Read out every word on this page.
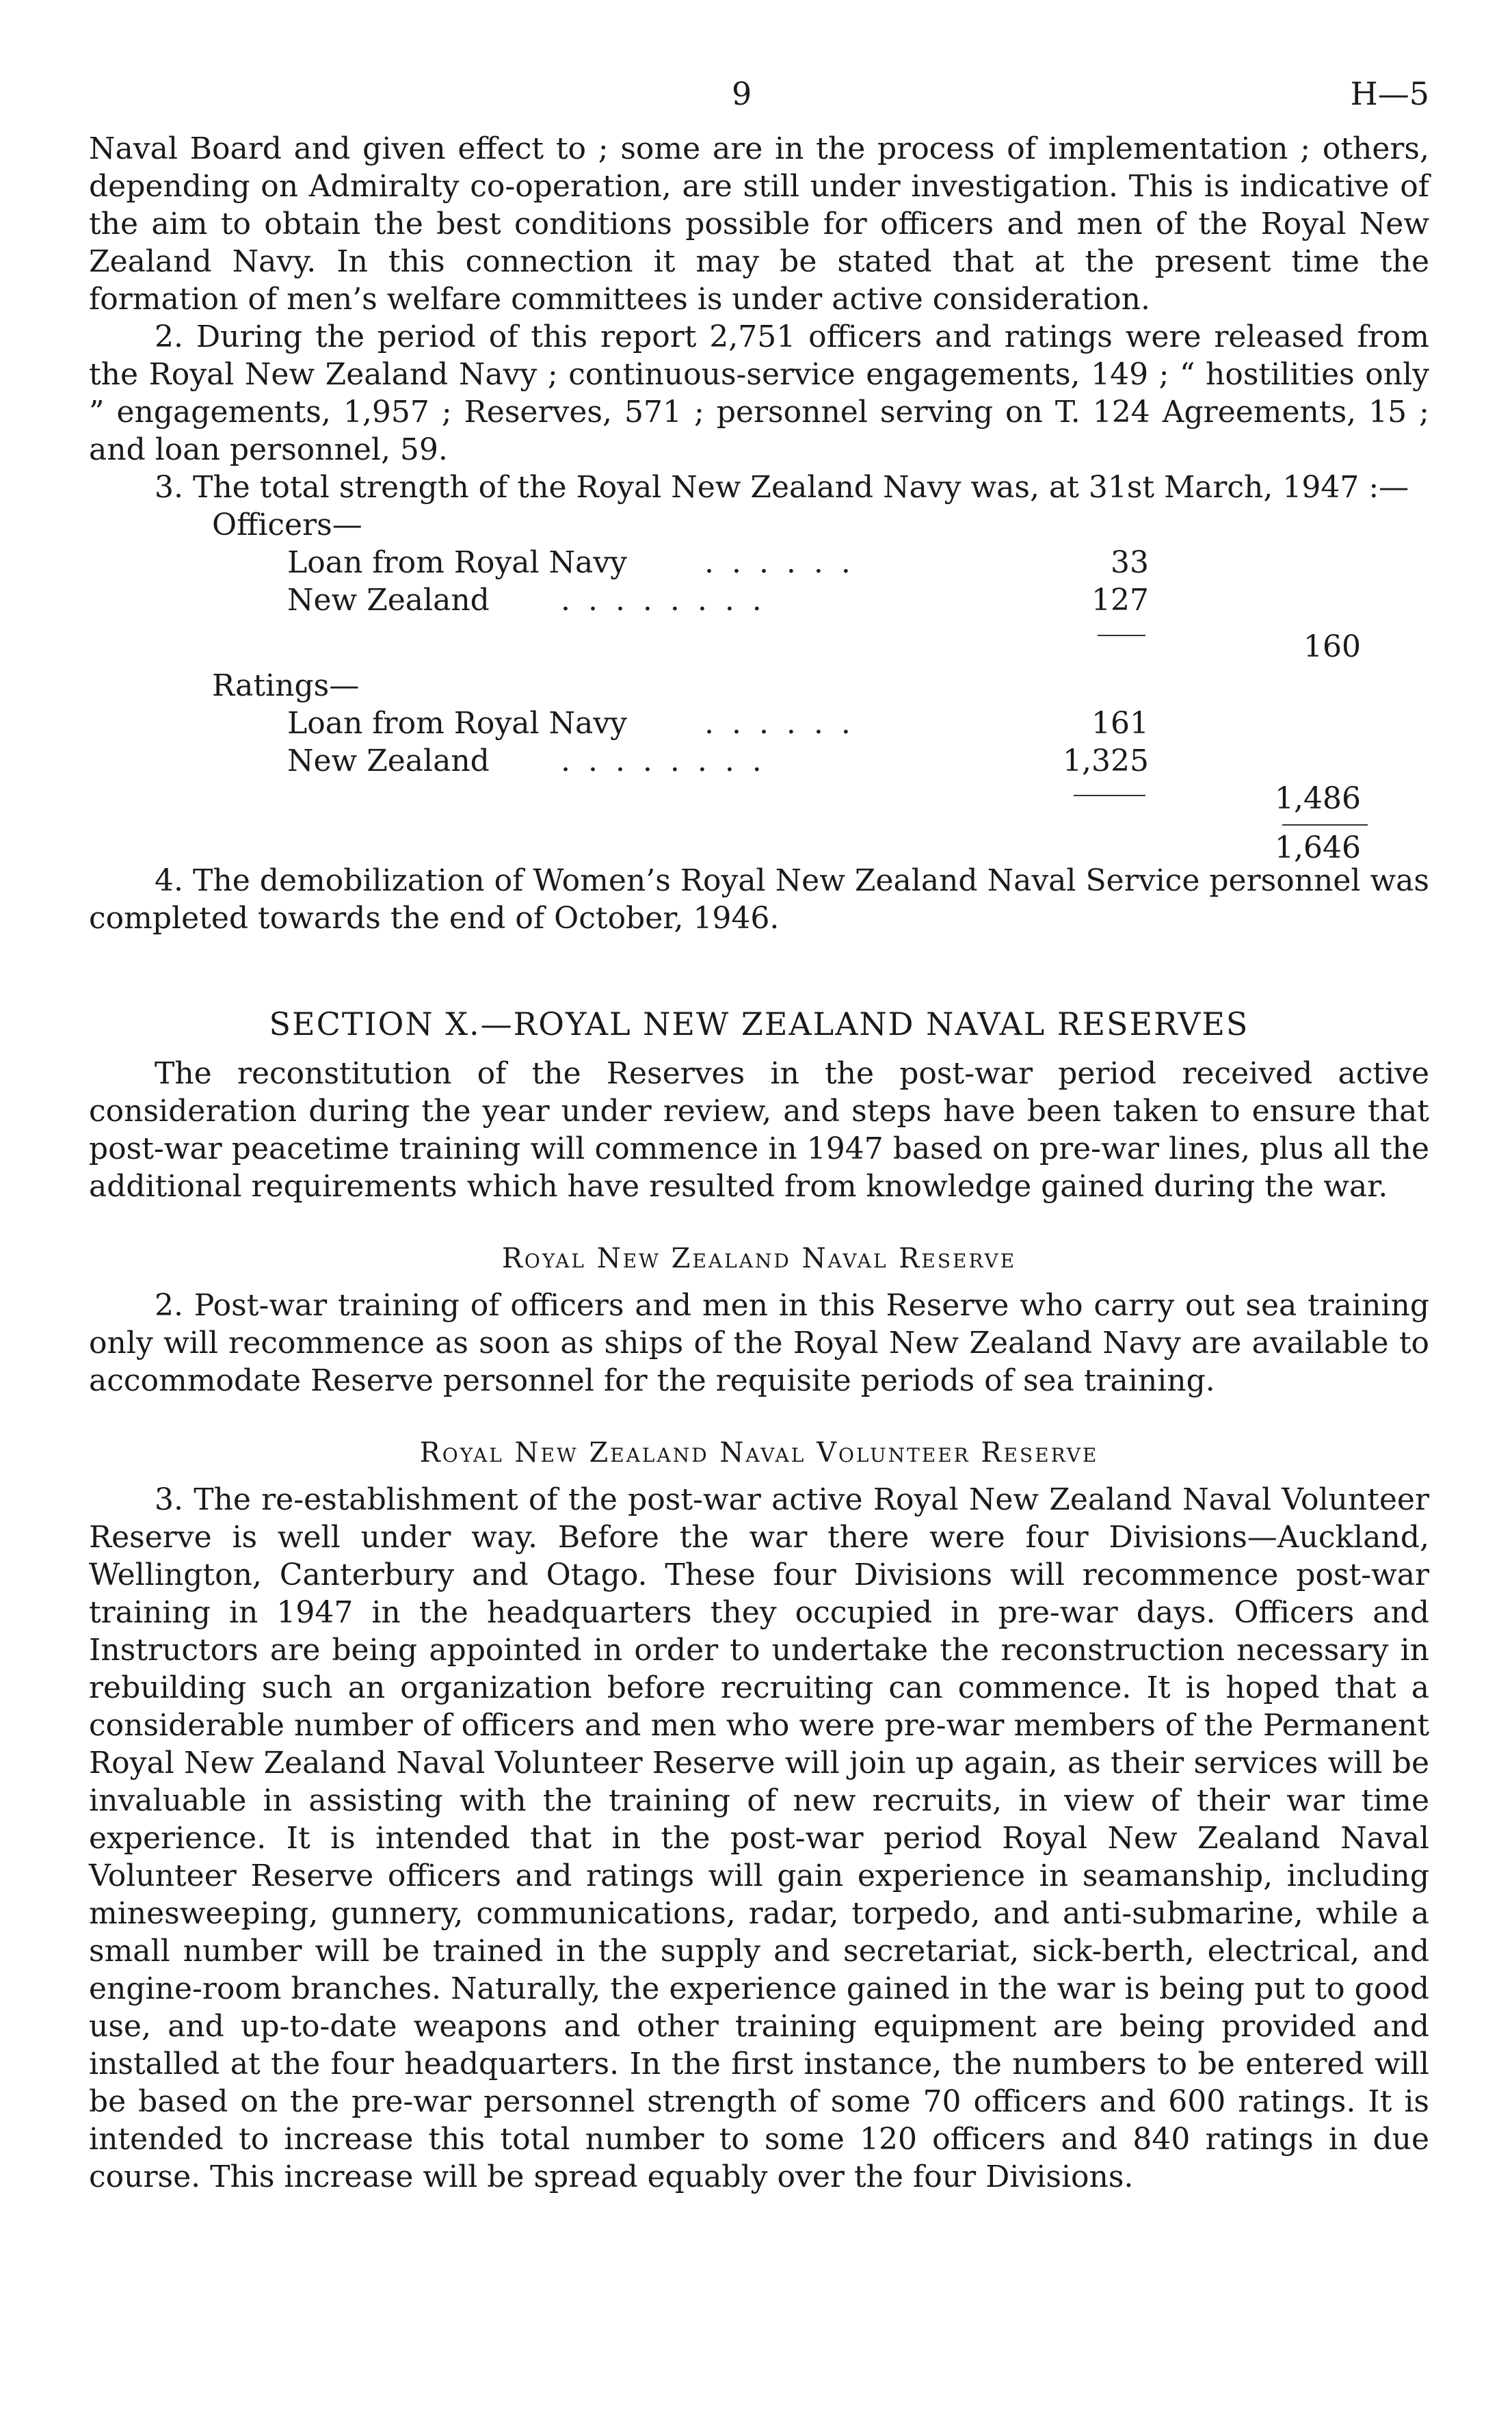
9	H—5

Naval Board and given effect to ; some are in the process of implementation ; others, depending on Admiralty co-operation, are still under investigation. This is indicative of the aim to obtain the best conditions possible for officers and men of the Royal New Zealand Navy. In this connection it may be stated that at the present time the formation of men’s welfare committees is under active consideration.

2. During the period of this report 2,751 officers and ratings were released from the Royal New Zealand Navy ; continuous-service engagements, 149 ; “ hostilities only ” engagements, 1,957 ; Reserves, 571 ; personnel serving on T. 124 Agreements, 15 ; and loan personnel, 59.

3. The total strength of the Royal New Zealand Navy was, at 31st March, 1947 :—

Officers—
Loan from Royal Navy	. . . . . .	33
New Zealand . . . . . . . .	127
160
Ratings—
Loan from Royal Navy	. . . . . .	161
New Zealand . . . . . . . .	1,325
1,486
1,646

4. The demobilization of Women’s Royal New Zealand Naval Service personnel was completed towards the end of October, 1946.

SECTION X.—ROYAL NEW ZEALAND NAVAL RESERVES

The reconstitution of the Reserves in the post-war period received active consideration during the year under review, and steps have been taken to ensure that post-war peacetime training will commence in 1947 based on pre-war lines, plus all the additional requirements which have resulted from knowledge gained during the war.

Royal New Zealand Naval Reserve

2. Post-war training of officers and men in this Reserve who carry out sea training only will recommence as soon as ships of the Royal New Zealand Navy are available to accommodate Reserve personnel for the requisite periods of sea training.

Royal New Zealand Naval Volunteer Reserve

3. The re-establishment of the post-war active Royal New Zealand Naval Volunteer Reserve is well under way. Before the war there were four Divisions—Auckland, Wellington, Canterbury and Otago. These four Divisions will recommence post-war training in 1947 in the headquarters they occupied in pre-war days. Officers and Instructors are being appointed in order to undertake the reconstruction necessary in rebuilding such an organization before recruiting can commence. It is hoped that a considerable number of officers and men who were pre-war members of the Permanent Royal New Zealand Naval Volunteer Reserve will join up again, as their services will be invaluable in assisting with the training of new recruits, in view of their war time experience. It is intended that in the post-war period Royal New Zealand Naval Volunteer Reserve officers and ratings will gain experience in seamanship, including minesweeping, gunnery, communications, radar, torpedo, and anti-submarine, while a small number will be trained in the supply and secretariat, sick-berth, electrical, and engine-room branches. Naturally, the experience gained in the war is being put to good use, and up-to-date weapons and other training equipment are being provided and installed at the four headquarters. In the first instance, the numbers to be entered will be based on the pre-war personnel strength of some 70 officers and 600 ratings. It is intended to increase this total number to some 120 officers and 840 ratings in due course. This increase will be spread equably over the four Divisions.
